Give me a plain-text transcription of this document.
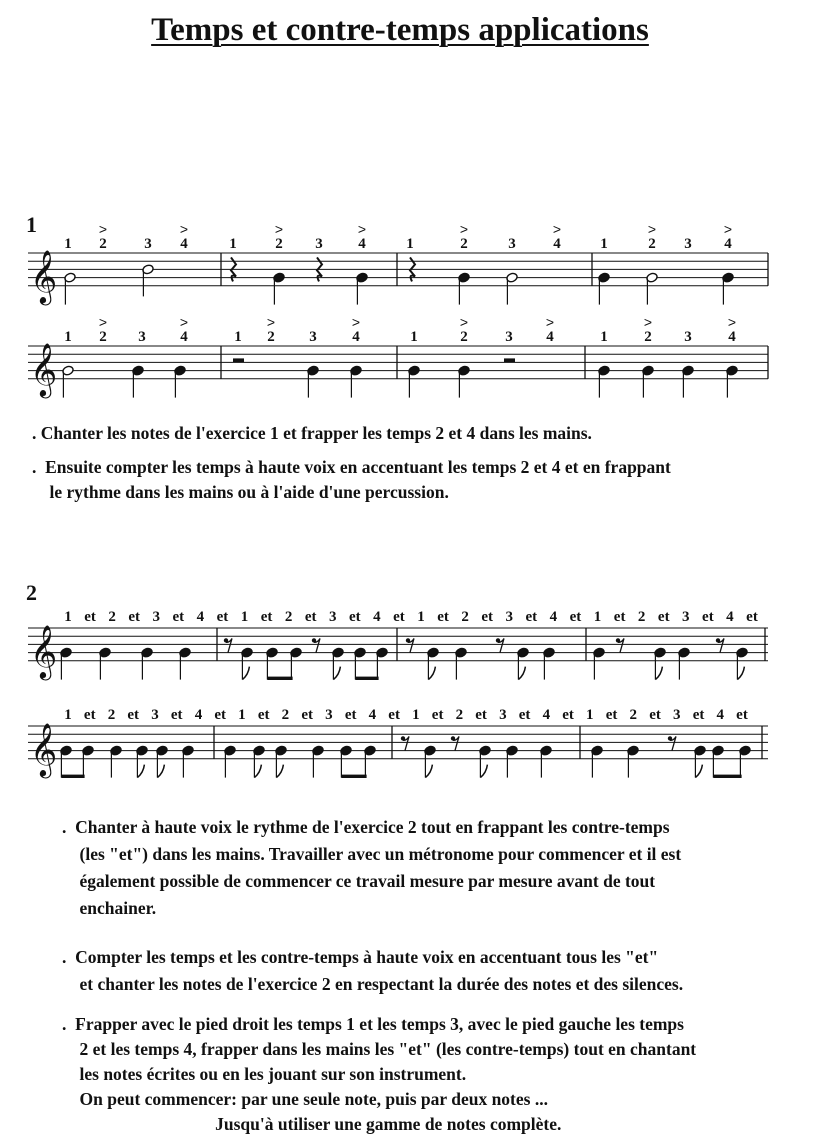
Temps et contre-temps applications
1
𝄞
1 2
>
3 4
>
1	2
>
3 4
>
1	2
>
3	4
>
1	2
>
3 4
>
𝄞
1 2
>
3 4
>
1 2
>
3 4
>
1	2
>
3 4
>
1 2
>
3 4
>
. Chanter les notes de l'exercice 1 et frapper les temps 2 et 4 dans les mains.
.  Ensuite compter les temps à haute voix en accentuant les temps 2 et 4 et en frappant
le rythme dans les mains ou à l'aide d'une percussion.
2
𝄞
1 et 2 et 3 et 4 et 1 et 2 et 3 et 4 et 1 et 2 et 3 et 4 et 1 et 2 et 3 et 4 et
𝄞
1 et 2 et 3 et 4 et 1 et 2 et 3 et 4 et 1 et 2 et 3 et 4 et 1 et 2 et 3 et 4 et
.  Chanter à haute voix le rythme de l'exercice 2 tout en frappant les contre-temps
(les "et") dans les mains. Travailler avec un métronome pour commencer et il est
également possible de commencer ce travail mesure par mesure avant de tout
enchainer.
.  Compter les temps et les contre-temps à haute voix en accentuant tous les "et"
et chanter les notes de l'exercice 2 en respectant la durée des notes et des silences.
.  Frapper avec le pied droit les temps 1 et les temps 3, avec le pied gauche les temps
2 et les temps 4, frapper dans les mains les "et" (les contre-temps) tout en chantant
les notes écrites ou en les jouant sur son instrument.
On peut commencer: par une seule note, puis par deux notes ...
Jusqu'à utiliser une gamme de notes complète.
